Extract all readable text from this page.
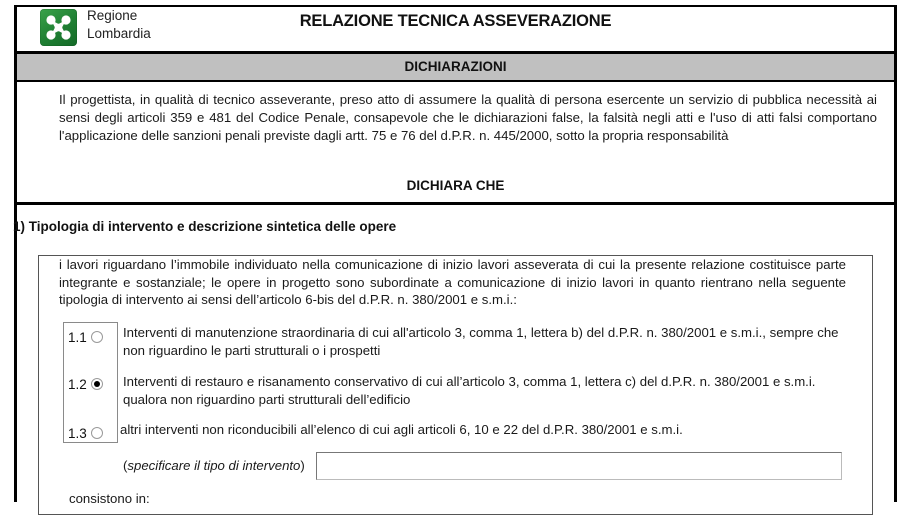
Regione
Lombardia
RELAZIONE TECNICA ASSEVERAZIONE
DICHIARAZIONI
Il progettista, in qualità di tecnico asseverante, preso atto di assumere la qualità di persona esercente un servizio di pubblica necessità ai sensi degli articoli 359 e 481 del Codice Penale, consapevole che le dichiarazioni false, la falsità negli atti e l'uso di atti falsi comportano l'applicazione delle sanzioni penali previste dagli artt. 75 e 76 del d.P.R. n. 445/2000, sotto la propria responsabilità
DICHIARA CHE
1) Tipologia di intervento e descrizione sintetica delle opere
i lavori riguardano l’immobile individuato nella comunicazione di inizio lavori asseverata di cui la presente relazione costituisce parte integrante e sostanziale; le opere in progetto sono subordinate a comunicazione di inizio lavori in quanto rientrano nella seguente tipologia di intervento ai sensi dell’articolo 6-bis del d.P.R. n. 380/2001 e s.m.i.:
1.1	Interventi di manutenzione straordinaria di cui all'articolo 3, comma 1, lettera b) del d.P.R. n. 380/2001 e s.m.i., sempre che non riguardino le parti strutturali o i prospetti
1.2	Interventi di restauro e risanamento conservativo di cui all’articolo 3, comma 1, lettera c) del d.P.R. n. 380/2001 e s.m.i. qualora non riguardino parti strutturali dell’edificio
1.3	altri interventi non riconducibili all’elenco di cui agli articoli 6, 10 e 22 del d.P.R. 380/2001 e s.m.i.
(specificare il tipo di intervento)
consistono in:
